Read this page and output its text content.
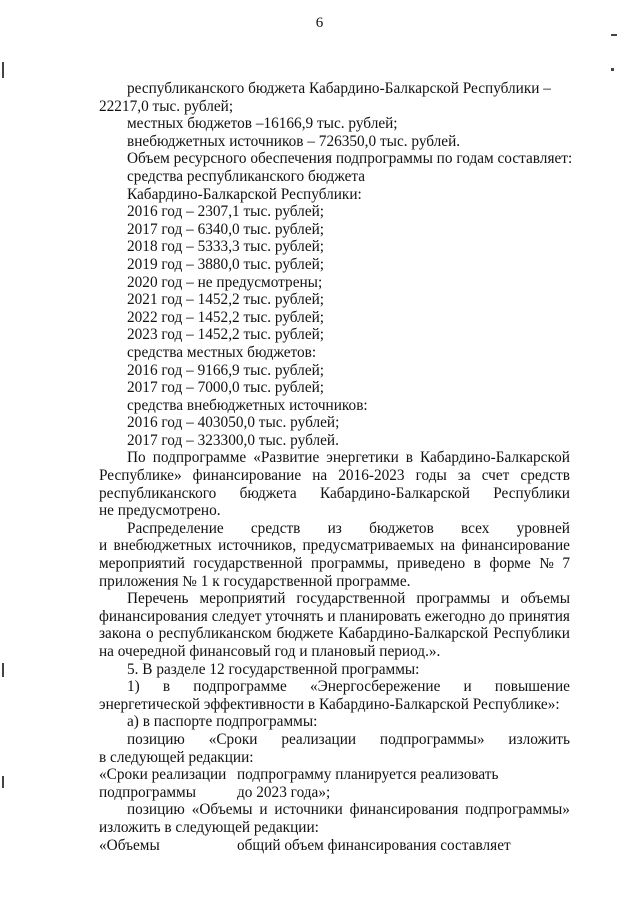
6
республиканского бюджета Кабардино-Балкарской Республики –
22217,0 тыс. рублей;
местных бюджетов –16166,9 тыс. рублей;
внебюджетных источников – 726350,0 тыс. рублей.
Объем ресурсного обеспечения подпрограммы по годам составляет:
средства республиканского бюджета
Кабардино-Балкарской Республики:
2016 год – 2307,1 тыс. рублей;
2017 год – 6340,0 тыс. рублей;
2018 год – 5333,3 тыс. рублей;
2019 год – 3880,0 тыс. рублей;
2020 год – не предусмотрены;
2021 год – 1452,2 тыс. рублей;
2022 год – 1452,2 тыс. рублей;
2023 год – 1452,2 тыс. рублей;
средства местных бюджетов:
2016 год – 9166,9 тыс. рублей;
2017 год – 7000,0 тыс. рублей;
средства внебюджетных источников:
2016 год – 403050,0 тыс. рублей;
2017 год – 323300,0 тыс. рублей.
По подпрограмме «Развитие энергетики в Кабардино-Балкарской
Республике» финансирование на 2016-2023 годы за счет средств
республиканского бюджета Кабардино-Балкарской Республики
не предусмотрено.
Распределение средств из бюджетов всех уровней
и внебюджетных источников, предусматриваемых на финансирование
мероприятий государственной программы, приведено в форме № 7
приложения № 1 к государственной программе.
Перечень мероприятий государственной программы и объемы
финансирования следует уточнять и планировать ежегодно до принятия
закона о республиканском бюджете Кабардино-Балкарской Республики
на очередной финансовый год и плановый период.».
5. В разделе 12 государственной программы:
1) в подпрограмме «Энергосбережение и повышение
энергетической эффективности в Кабардино-Балкарской Республике»:
а) в паспорте подпрограммы:
позицию «Сроки реализации подпрограммы» изложить
в следующей редакции:
«Сроки реализации подпрограмму планируется реализовать
подпрограммы	до 2023 года»;
позицию «Объемы и источники финансирования подпрограммы»
изложить в следующей редакции:
«Объемы	общий объем финансирования составляет
